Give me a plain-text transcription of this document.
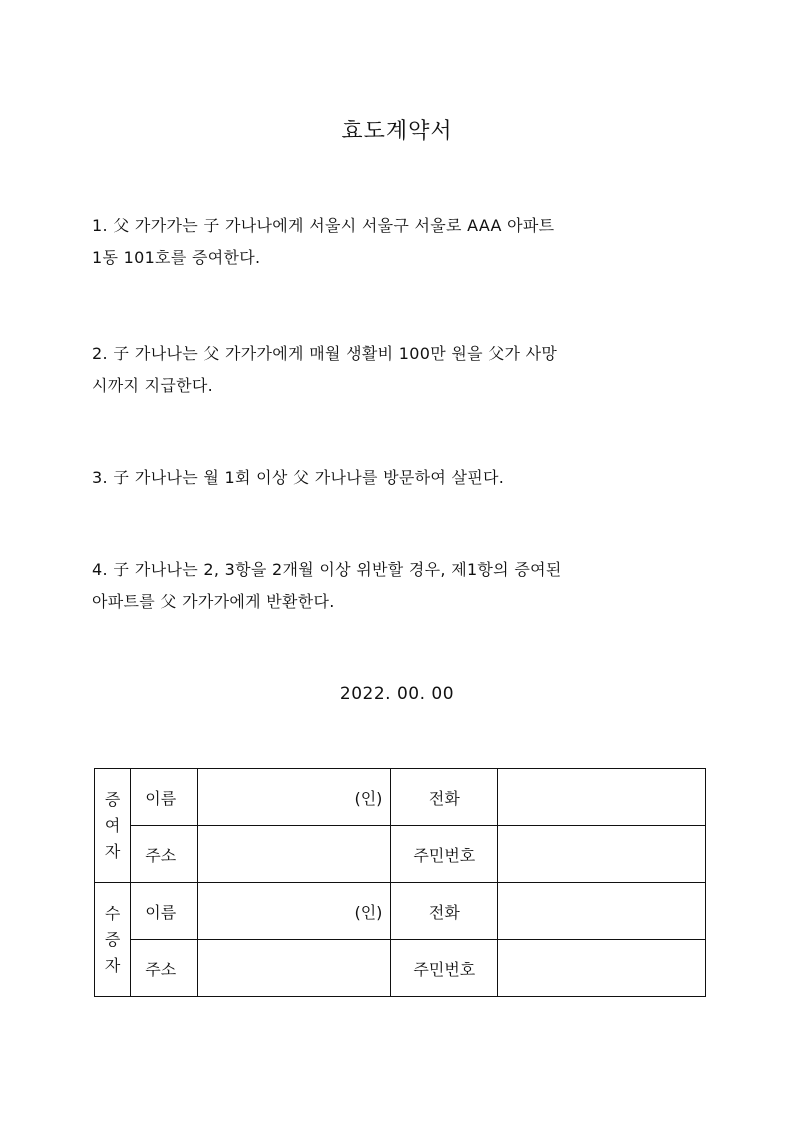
효도계약서
1. 父 가가가는 子 가나나에게 서울시 서울구 서울로 AAA 아파트
1동 101호를 증여한다.
2. 子 가나나는 父 가가가에게 매월 생활비 100만 원을 父가 사망
시까지 지급한다.
3. 子 가나나는 월 1회 이상 父 가나나를 방문하여 살핀다.
4. 子 가나나는 2, 3항을 2개월 이상 위반할 경우, 제1항의 증여된
아파트를 父 가가가에게 반환한다.
2022. 00. 00
증
여
자	이름	(인)	전화	
	주소		주민번호	

수
증
자	이름	(인)	전화	
	주소		주민번호	
